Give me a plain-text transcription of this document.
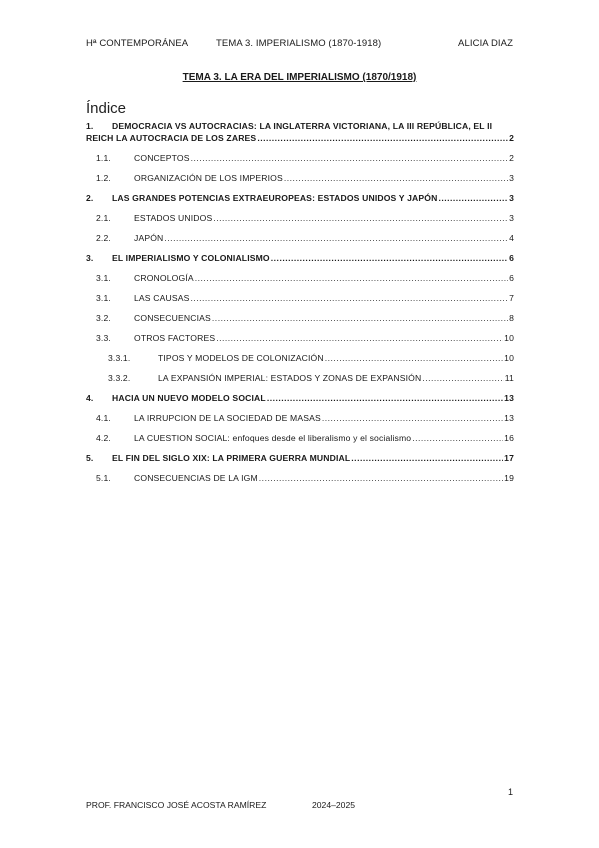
Hª CONTEMPORÁNEA	TEMA 3. IMPERIALISMO (1870-1918)	ALICIA DIAZ
TEMA 3. LA ERA DEL IMPERIALISMO (1870/1918)
Índice
1. DEMOCRACIA VS AUTOCRACIAS: LA INGLATERRA VICTORIANA, LA III REPÚBLICA, EL II
REICH LA AUTOCRACIA DE LOS ZARES .....	2
1.1.	CONCEPTOS .....	2
1.2.	ORGANIZACIÓN DE LOS IMPERIOS .....	3
2.	LAS GRANDES POTENCIAS EXTRAEUROPEAS: ESTADOS UNIDOS Y JAPÓN .....	3
2.1.	ESTADOS UNIDOS .....	3
2.2.	JAPÓN .....	4
3.	EL IMPERIALISMO Y COLONIALISMO .....	6
3.1.	CRONOLOGÍA .....	6
3.1.	LAS CAUSAS .....	7
3.2.	CONSECUENCIAS .....	8
3.3.	OTROS FACTORES .....	10
3.3.1.	TIPOS Y MODELOS DE COLONIZACIÓN .....	10
3.3.2.	LA EXPANSIÓN IMPERIAL: ESTADOS Y ZONAS DE EXPANSIÓN .....	11
4.	HACIA UN NUEVO MODELO SOCIAL .....	13
4.1.	LA IRRUPCION DE LA SOCIEDAD DE MASAS .....	13
4.2.	LA CUESTION SOCIAL: enfoques desde el liberalismo y el socialismo .....	16
5.	EL FIN DEL SIGLO XIX: LA PRIMERA GUERRA MUNDIAL .....	17
5.1.	CONSECUENCIAS DE LA IGM .....	19
1
PROF. FRANCISCO JOSÉ ACOSTA RAMÍREZ	2024–2025
